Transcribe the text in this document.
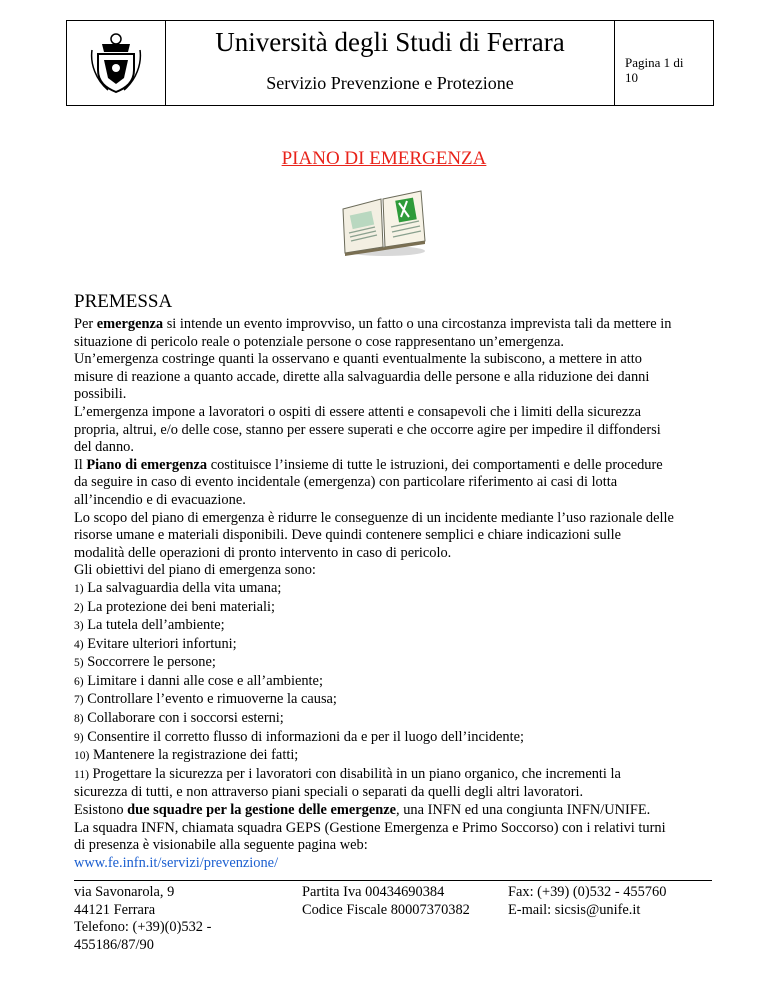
Università degli Studi di Ferrara
Servizio Prevenzione e Protezione
Pagina 1 di
10
PIANO DI EMERGENZA
PREMESSA

Per emergenza si intende un evento improvviso, un fatto o una circostanza imprevista tali da mettere in situazione di pericolo reale o potenziale persone o cose rappresentano un’emergenza.

Un’emergenza costringe quanti la osservano e quanti eventualmente la subiscono, a mettere in atto misure di reazione a quanto accade, dirette alla salvaguardia delle persone e alla riduzione dei danni possibili.

L’emergenza impone a lavoratori o ospiti di essere attenti e consapevoli che i limiti della sicurezza propria, altrui, e/o delle cose, stanno per essere superati e che occorre agire per impedire il diffondersi del danno.

Il Piano di emergenza costituisce l’insieme di tutte le istruzioni, dei comportamenti e delle procedure da seguire in caso di evento incidentale (emergenza) con particolare riferimento ai casi di lotta all’incendio e di evacuazione.

Lo scopo del piano di emergenza è ridurre le conseguenze di un incidente mediante l’uso razionale delle risorse umane e materiali disponibili. Deve quindi contenere semplici e chiare indicazioni sulle modalità delle operazioni di pronto intervento in caso di pericolo.

Gli obiettivi del piano di emergenza sono:

1) La salvaguardia della vita umana;

2) La protezione dei beni materiali;

3) La tutela dell’ambiente;

4) Evitare ulteriori infortuni;

5) Soccorrere le persone;

6) Limitare i danni alle cose e all’ambiente;

7) Controllare l’evento e rimuoverne la causa;

8) Collaborare con i soccorsi esterni;

9) Consentire il corretto flusso di informazioni da e per il luogo dell’incidente;

10) Mantenere la registrazione dei fatti;

11) Progettare la sicurezza per i lavoratori con disabilità in un piano organico, che incrementi la sicurezza di tutti, e non attraverso piani speciali o separati da quelli degli altri lavoratori.

Esistono due squadre per la gestione delle emergenze, una INFN ed una congiunta INFN/UNIFE.

La squadra INFN, chiamata squadra GEPS (Gestione Emergenza e Primo Soccorso) con i relativi turni di presenza è visionabile alla seguente pagina web:

www.fe.infn.it/servizi/prevenzione/

via Savonarola, 9
44121 Ferrara
Telefono: (+39)(0)532 -
455186/87/90
Partita Iva 00434690384
Codice Fiscale 80007370382
Fax: (+39) (0)532 - 455760
E-mail: sicsis@unife.it
